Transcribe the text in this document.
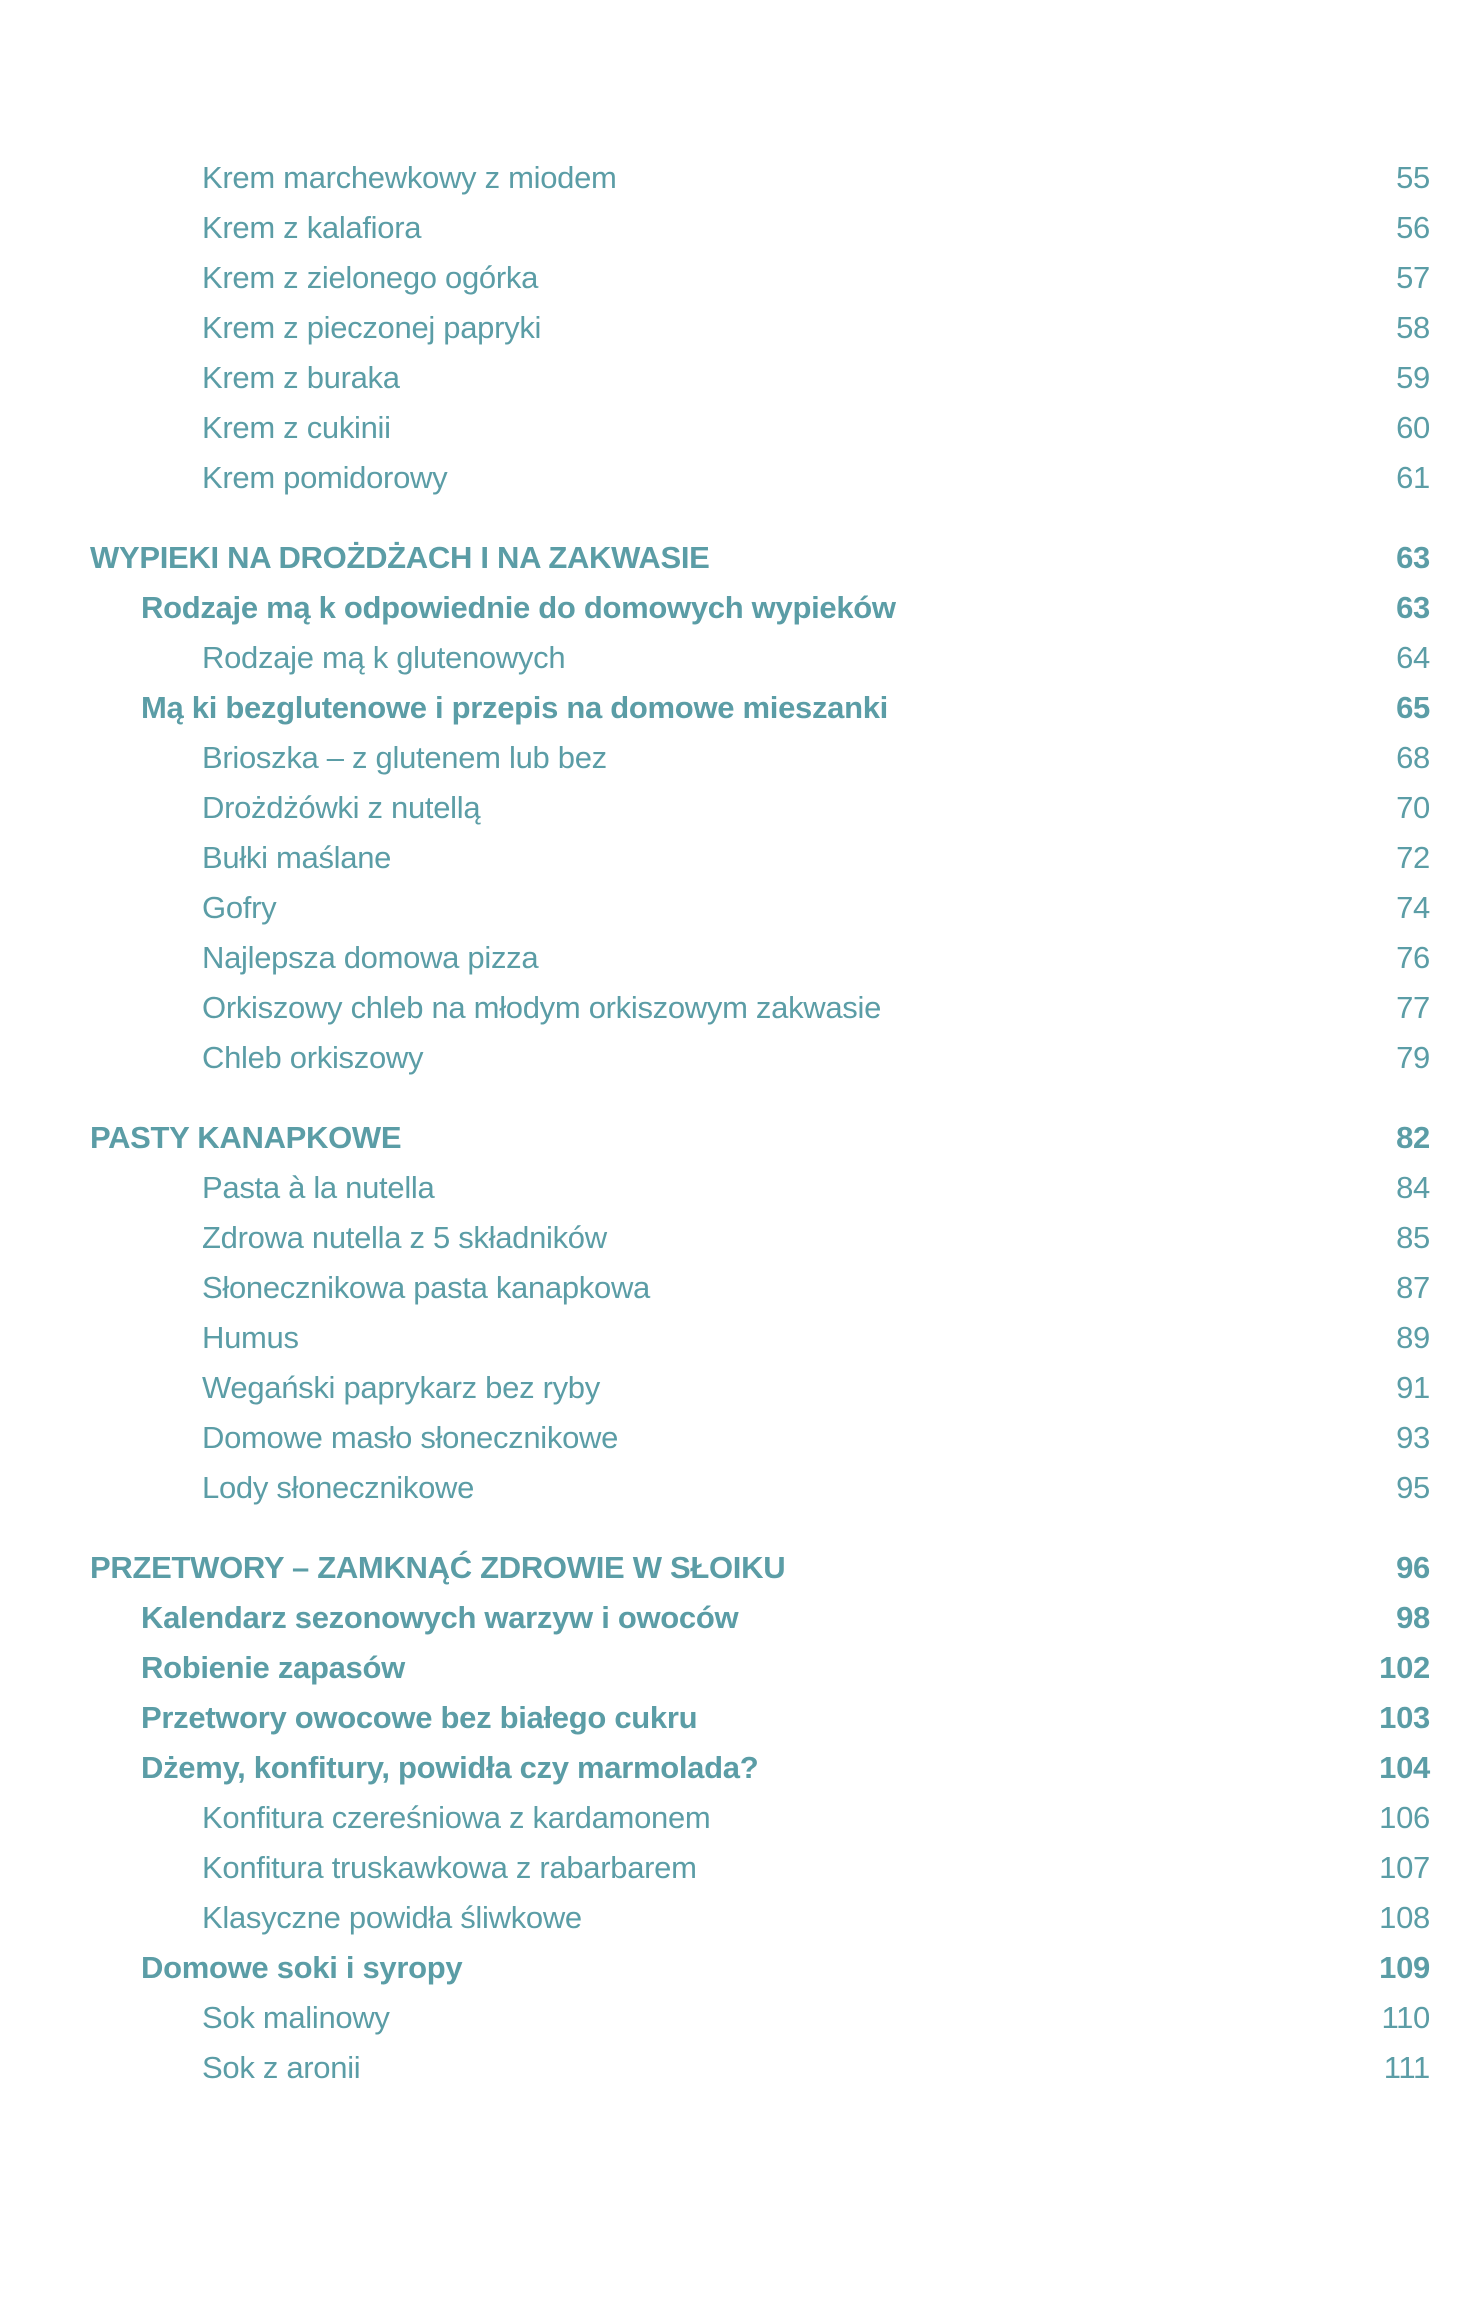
Krem marchewkowy z miodem	55
Krem z kalafiora	56
Krem z zielonego ogórka	57
Krem z pieczonej papryki	58
Krem z buraka	59
Krem z cukinii	60
Krem pomidorowy	61
WYPIEKI NA DROŻDŻACH I NA ZAKWASIE	63
Rodzaje mą k odpowiednie do domowych wypieków	63
Rodzaje mą k glutenowych	64
Mą ki bezglutenowe i przepis na domowe mieszanki	65
Brioszka – z glutenem lub bez	68
Drożdżówki z nutellą	70
Bułki maślane	72
Gofry	74
Najlepsza domowa pizza	76
Orkiszowy chleb na młodym orkiszowym zakwasie	77
Chleb orkiszowy	79
PASTY KANAPKOWE	82
Pasta à la nutella	84
Zdrowa nutella z 5 składników	85
Słonecznikowa pasta kanapkowa	87
Humus	89
Wegański paprykarz bez ryby	91
Domowe masło słonecznikowe	93
Lody słonecznikowe	95
PRZETWORY – ZAMKNĄĆ ZDROWIE W SŁOIKU	96
Kalendarz sezonowych warzyw i owoców	98
Robienie zapasów	102
Przetwory owocowe bez białego cukru	103
Dżemy, konfitury, powidła czy marmolada?	104
Konfitura czereśniowa z kardamonem	106
Konfitura truskawkowa z rabarbarem	107
Klasyczne powidła śliwkowe	108
Domowe soki i syropy	109
Sok malinowy	110
Sok z aronii	111
